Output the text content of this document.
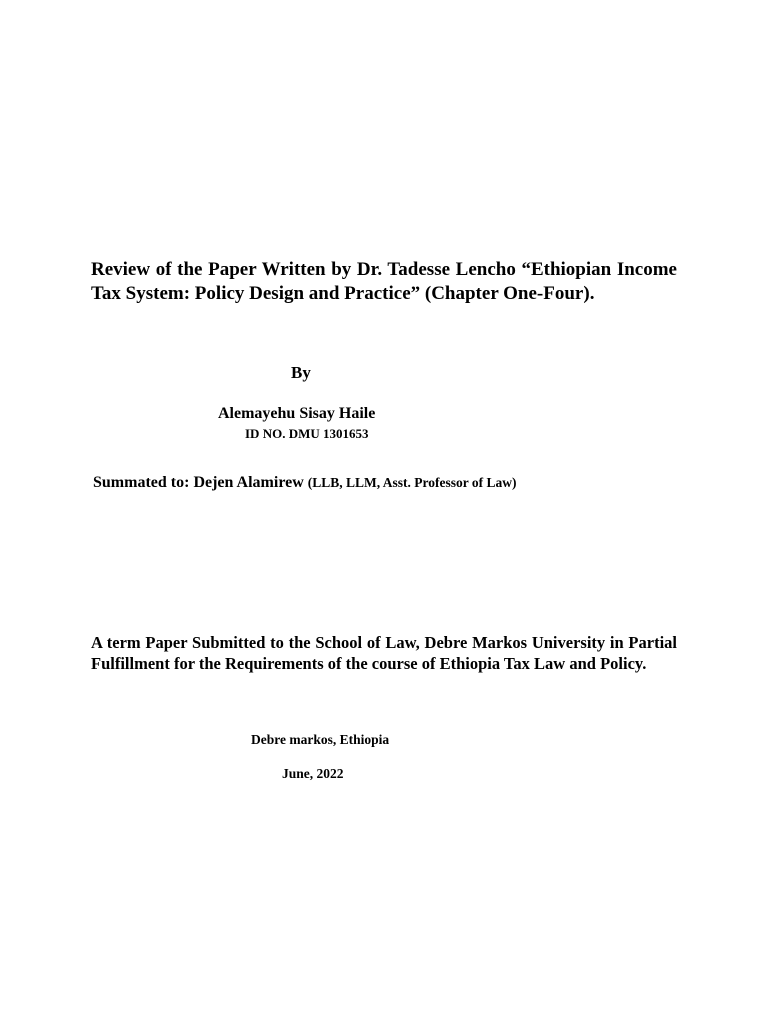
Review of the Paper Written by Dr. Tadesse Lencho “Ethiopian Income Tax System: Policy Design and Practice” (Chapter One-Four).
By
Alemayehu Sisay Haile
ID NO. DMU 1301653
Summated to: Dejen Alamirew (LLB, LLM, Asst. Professor of Law)
A term Paper Submitted to the School of Law, Debre Markos University in Partial Fulfillment for the Requirements of the course of Ethiopia Tax Law and Policy.
Debre markos, Ethiopia
June, 2022
